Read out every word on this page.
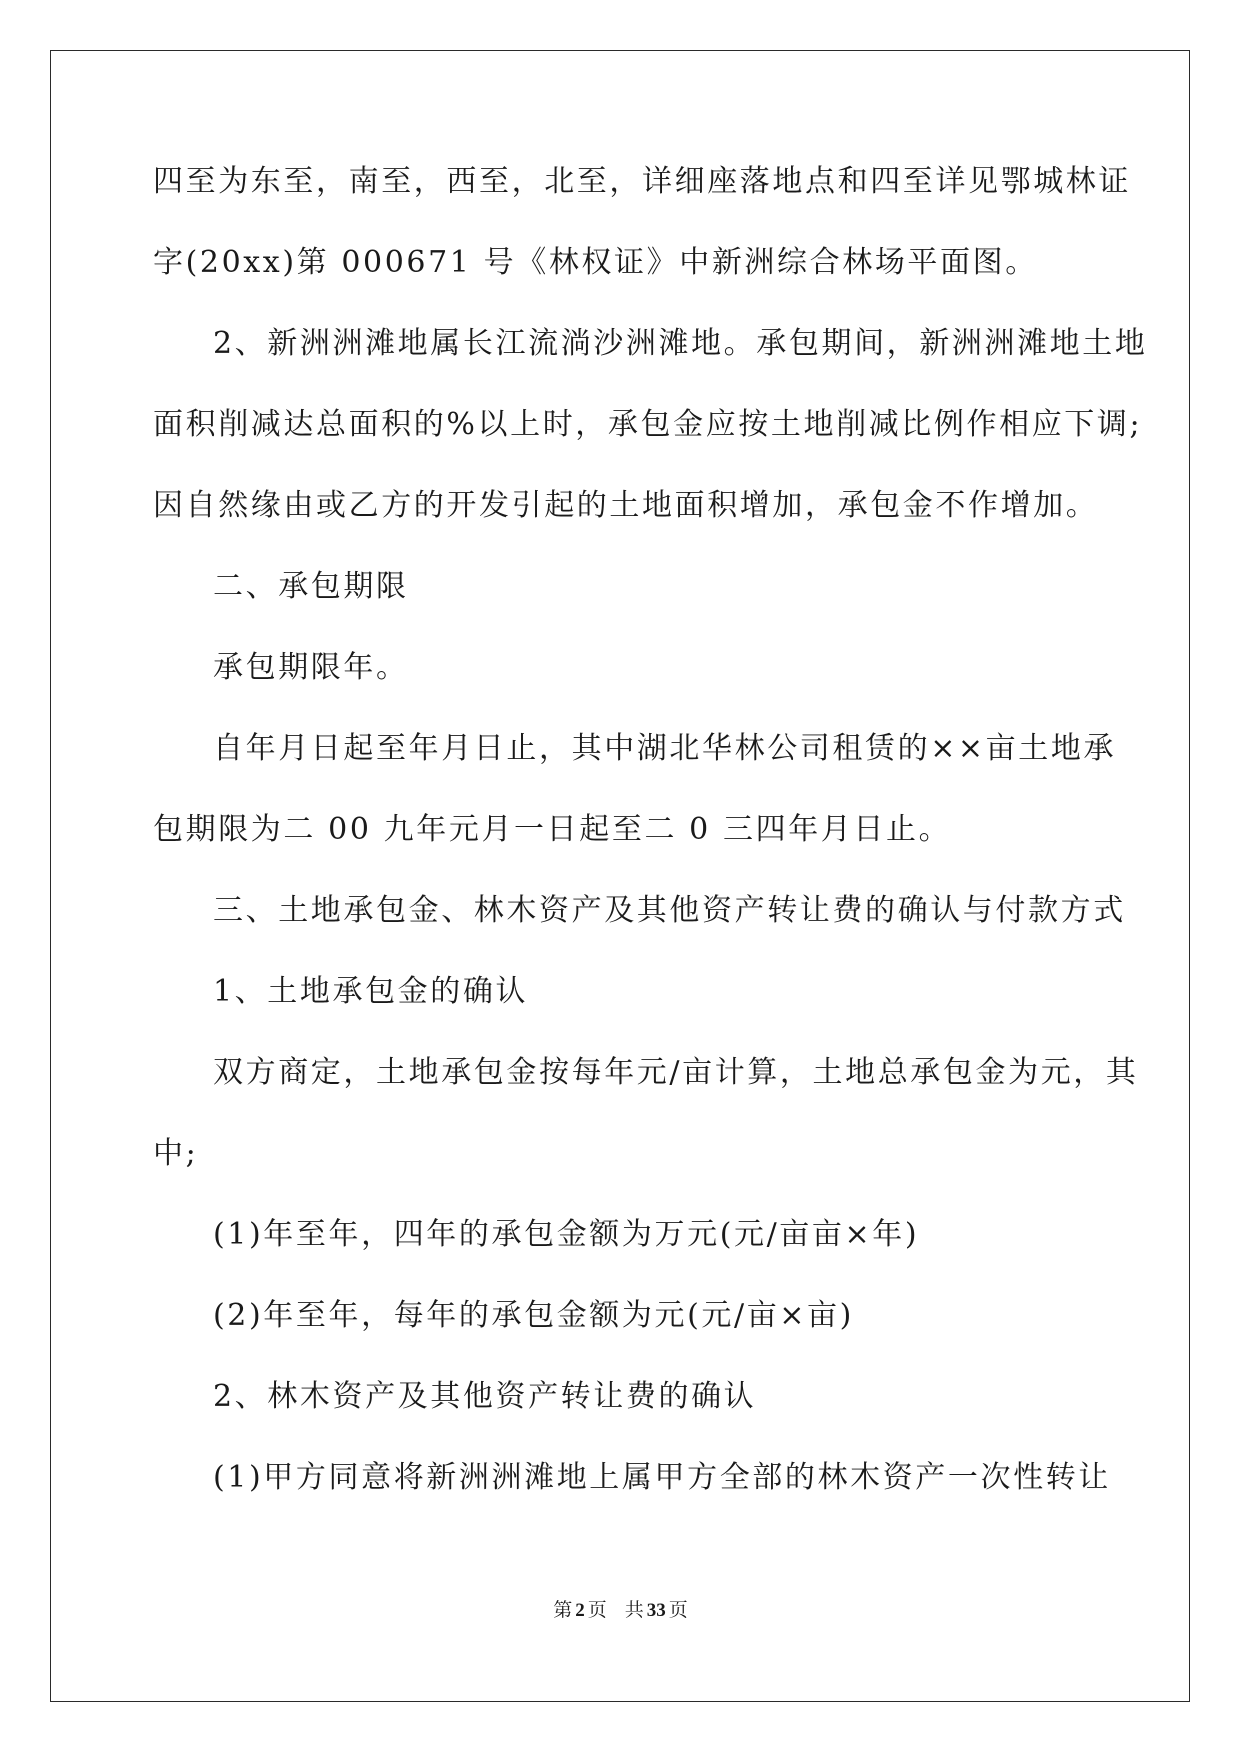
四至为东至，南至，西至，北至，详细座落地点和四至详见鄂城林证
字(20xx)第 000671 号《林权证》中新洲综合林场平面图。
2、新洲洲滩地属长江流淌沙洲滩地。承包期间，新洲洲滩地土地
面积削减达总面积的%以上时，承包金应按土地削减比例作相应下调;
因自然缘由或乙方的开发引起的土地面积增加，承包金不作增加。
二、承包期限
承包期限年。
自年月日起至年月日止，其中湖北华林公司租赁的××亩土地承
包期限为二 00 九年元月一日起至二 0 三四年月日止。
三、土地承包金、林木资产及其他资产转让费的确认与付款方式
1、土地承包金的确认
双方商定，土地承包金按每年元/亩计算，土地总承包金为元，其
中;
(1)年至年，四年的承包金额为万元(元/亩亩×年)
(2)年至年，每年的承包金额为元(元/亩×亩)
2、林木资产及其他资产转让费的确认
(1)甲方同意将新洲洲滩地上属甲方全部的林木资产一次性转让
第 2 页 共 33 页
